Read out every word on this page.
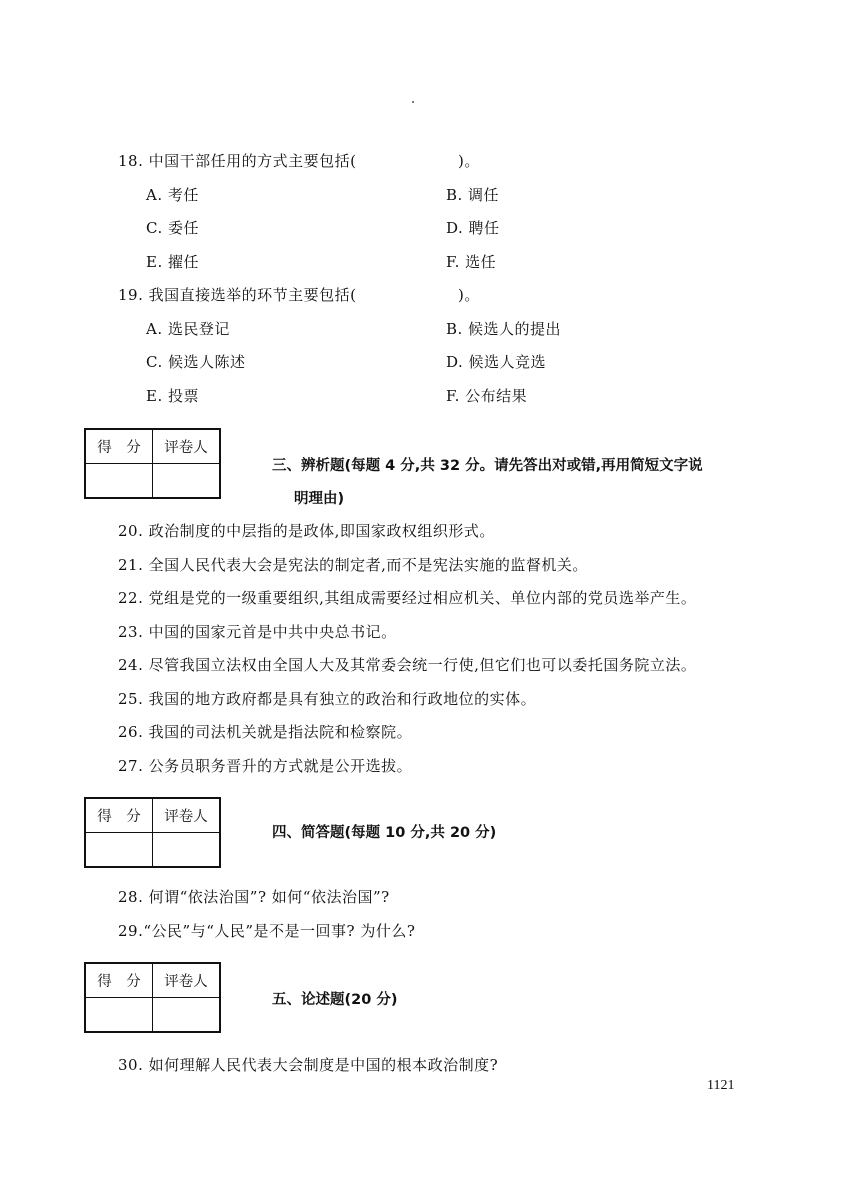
18. 中国干部任用的方式主要包括(	)。
A. 考任	B. 调任
C. 委任	D. 聘任
E. 擢任	F. 选任
19. 我国直接选举的环节主要包括(	)。
A. 选民登记	B. 候选人的提出
C. 候选人陈述	D. 候选人竞选
E. 投票	F. 公布结果
得　分	评卷人

三、辨析题(每题 4 分,共 32 分。请先答出对或错,再用简短文字说
明理由)
20. 政治制度的中层指的是政体,即国家政权组织形式。
21. 全国人民代表大会是宪法的制定者,而不是宪法实施的监督机关。
22. 党组是党的一级重要组织,其组成需要经过相应机关、单位内部的党员选举产生。
23. 中国的国家元首是中共中央总书记。
24. 尽管我国立法权由全国人大及其常委会统一行使,但它们也可以委托国务院立法。
25. 我国的地方政府都是具有独立的政治和行政地位的实体。
26. 我国的司法机关就是指法院和检察院。
27. 公务员职务晋升的方式就是公开选拔。
得　分	评卷人

四、简答题(每题 10 分,共 20 分)
28. 何谓“依法治国”? 如何“依法治国”?
29.“公民”与“人民”是不是一回事? 为什么?
得　分	评卷人

五、论述题(20 分)
30. 如何理解人民代表大会制度是中国的根本政治制度?
1121
